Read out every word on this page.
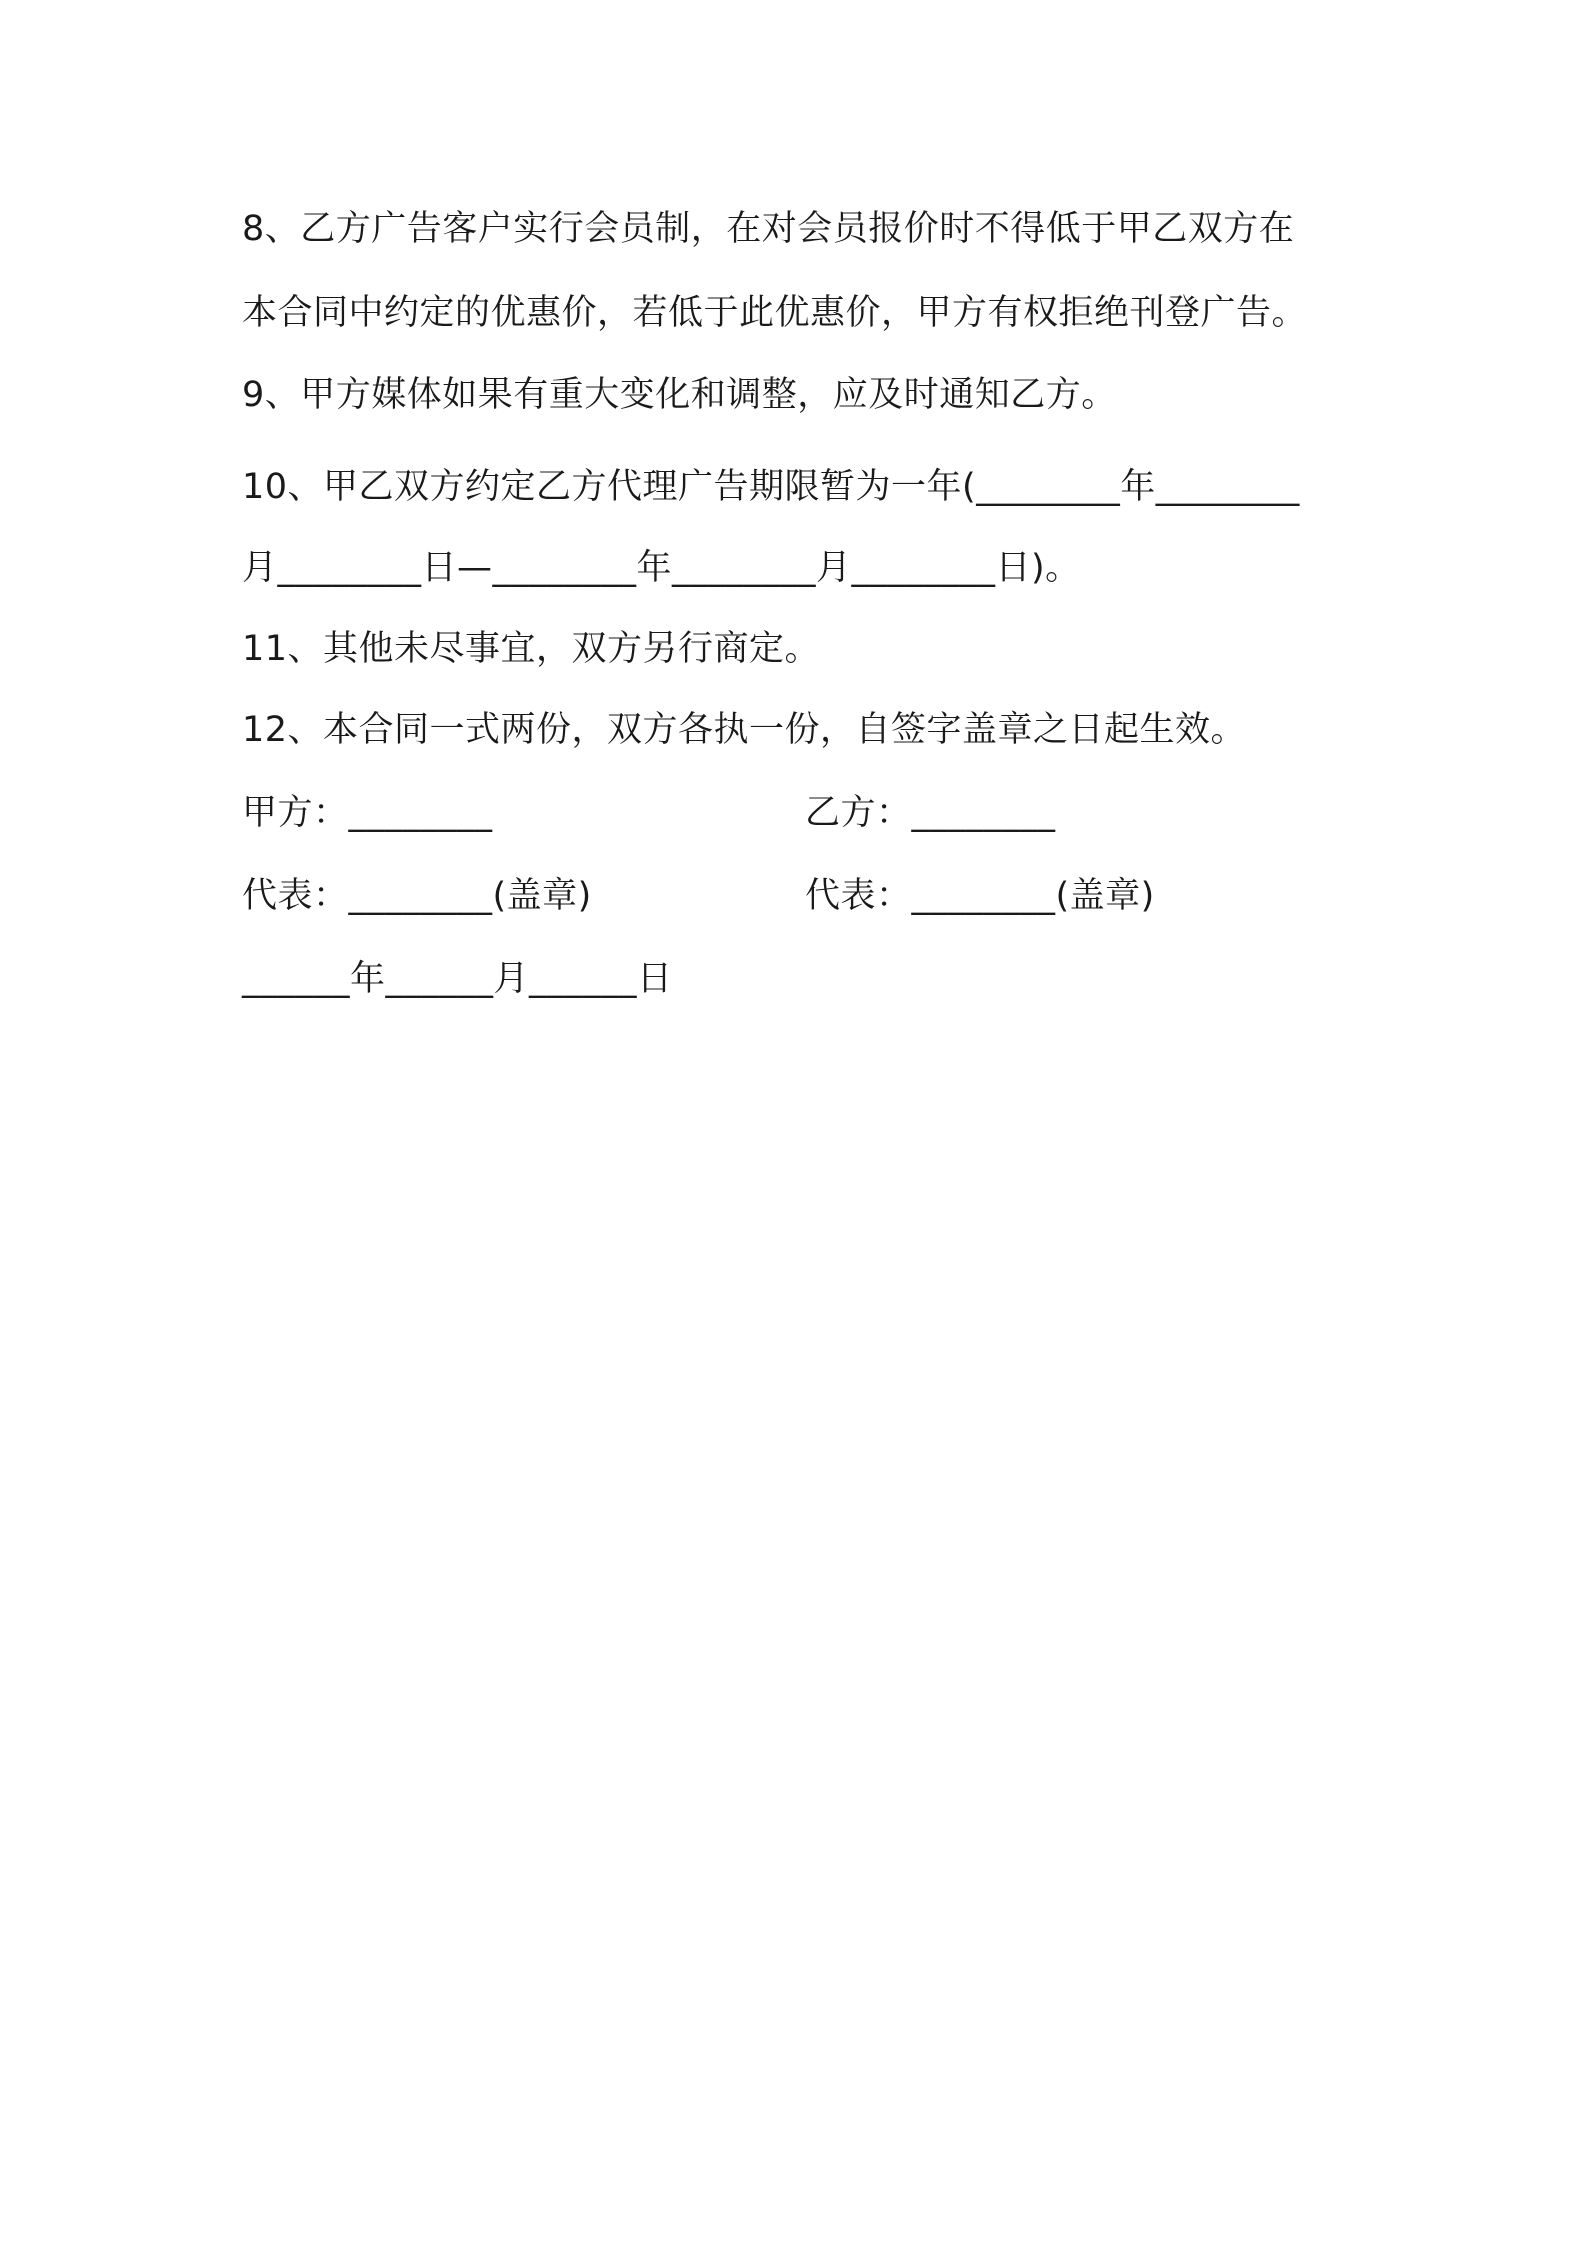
8、乙方广告客户实行会员制，在对会员报价时不得低于甲乙双方在
本合同中约定的优惠价，若低于此优惠价，甲方有权拒绝刊登广告。
9、甲方媒体如果有重大变化和调整，应及时通知乙方。
10、甲乙双方约定乙方代理广告期限暂为一年(________年________
月________日—________年________月________日)。
11、其他未尽事宜，双方另行商定。
12、本合同一式两份，双方各执一份，自签字盖章之日起生效。
甲方：________	乙方：________
代表：________(盖章)	代表：________(盖章)
______年______月______日
